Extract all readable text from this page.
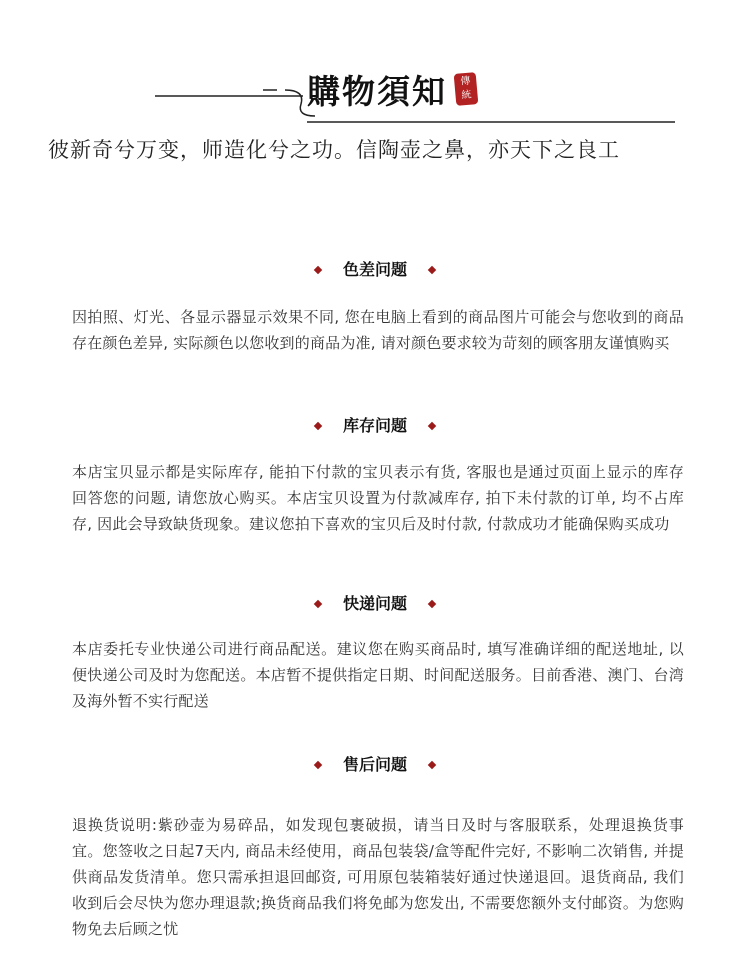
購物須知 傳
統
彼新奇兮万变，师造化兮之功。信陶壶之鼻，亦天下之良工
色差问题
因拍照、灯光、各显示器显示效果不同, 您在电脑上看到的商品图片可能会与您收到的商品存在颜色差异, 实际颜色以您收到的商品为准, 请对颜色要求较为苛刻的顾客朋友谨慎购买
库存问题
本店宝贝显示都是实际库存, 能拍下付款的宝贝表示有货, 客服也是通过页面上显示的库存回答您的问题, 请您放心购买。本店宝贝设置为付款减库存, 拍下未付款的订单, 均不占库存, 因此会导致缺货现象。建议您拍下喜欢的宝贝后及时付款, 付款成功才能确保购买成功
快递问题
本店委托专业快递公司进行商品配送。建议您在购买商品时, 填写准确详细的配送地址, 以便快递公司及时为您配送。本店暂不提供指定日期、时间配送服务。目前香港、澳门、台湾及海外暂不实行配送
售后问题
退换货说明:紫砂壶为易碎品，如发现包裹破损，请当日及时与客服联系，处理退换货事宜。您签收之日起7天内, 商品未经使用，商品包装袋/盒等配件完好, 不影响二次销售, 并提供商品发货清单。您只需承担退回邮资, 可用原包装箱装好通过快递退回。退货商品, 我们收到后会尽快为您办理退款;换货商品我们将免邮为您发出, 不需要您额外支付邮资。为您购物免去后顾之忧
